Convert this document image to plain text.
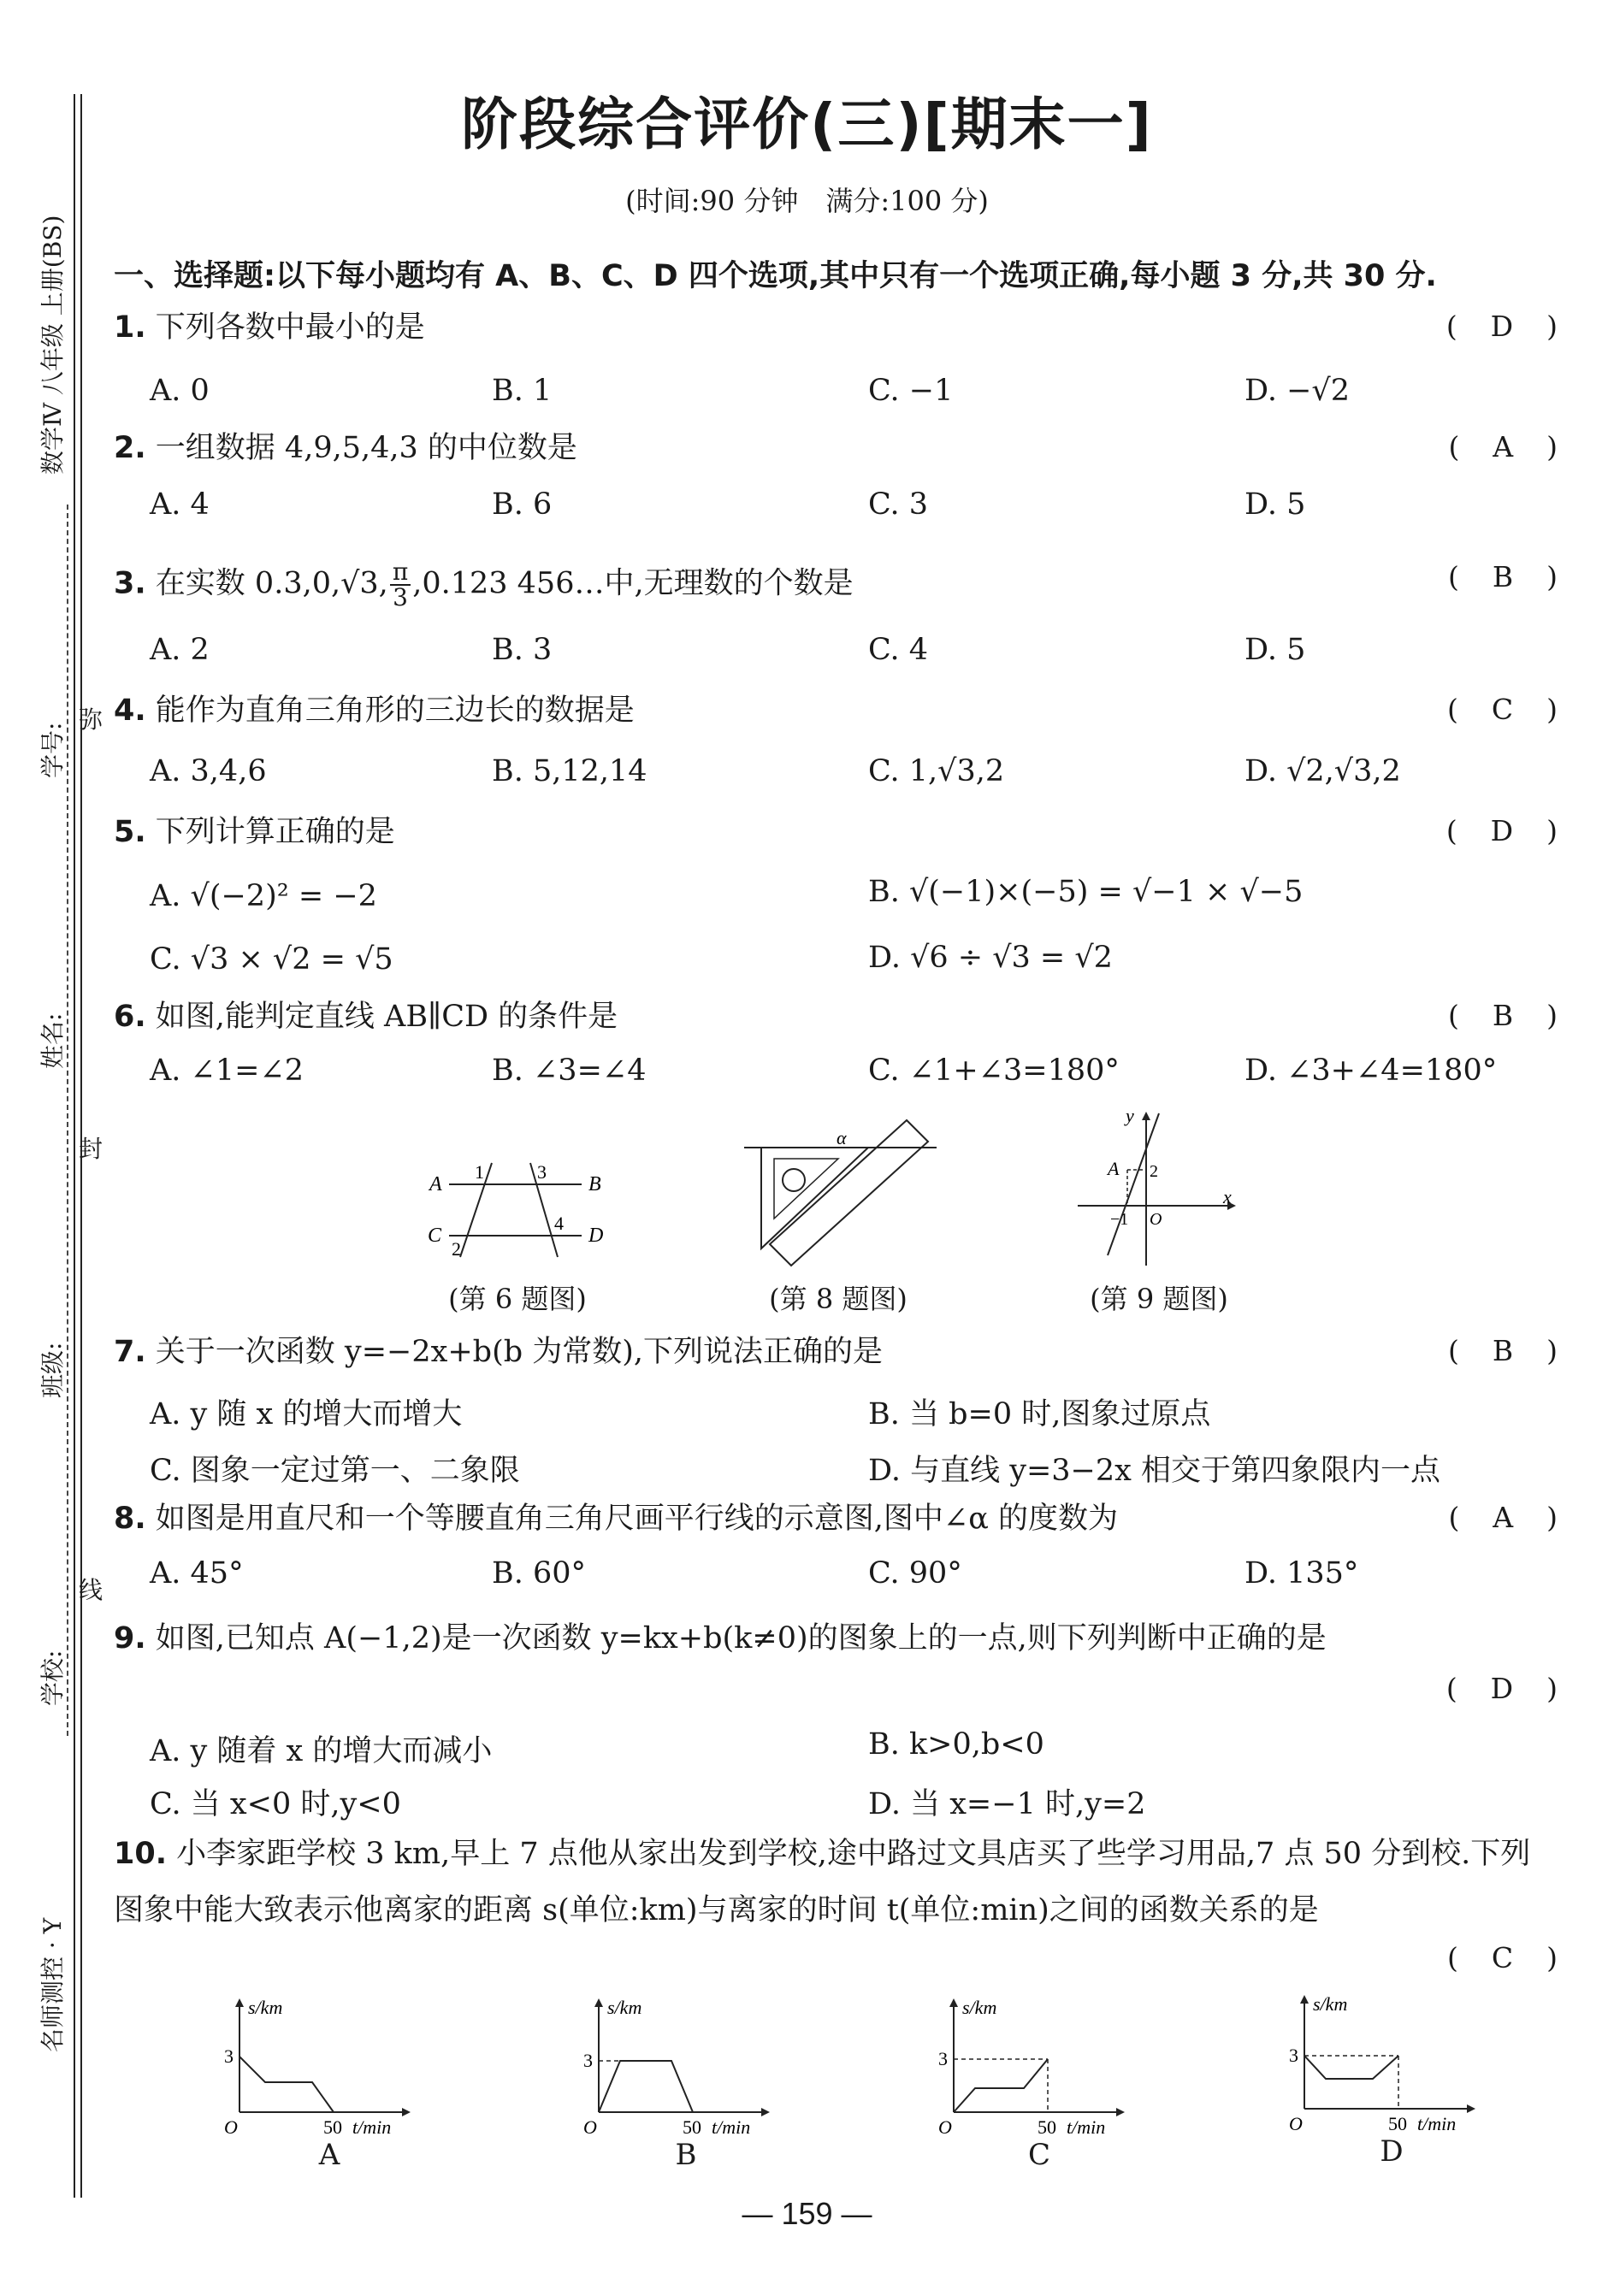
数学Ⅳ 八年级 上册(BS)
学号:
弥
姓名:
封
班级:
线
学校:
名师测控 · Y
阶段综合评价(三)[期末一]
(时间:90 分钟　满分:100 分)
一、选择题:以下每小题均有 A、B、C、D 四个选项,其中只有一个选项正确,每小题 3 分,共 30 分.
1. 下列各数中最小的是	(  D  )
A. 0	B. 1	C. −1	D. −√2
2. 一组数据 4,9,5,4,3 的中位数是	(  A  )
A. 4	B. 6	C. 3	D. 5
3. 在实数 0.3,0,√3, $\frac{\pi}{3} ,0.123$ 456…中,无理数的个数是	(  B  )
A. 2	B. 3	C. 4	D. 5
4. 能作为直角三角形的三边长的数据是	(  C  )
A. 3,4,6	B. 5,12,14	C. 1,√3,2	D. √2,√3,2
5. 下列计算正确的是	(  D  )
A. √(−2)² = −2	B. √(−1)×(−5) = √−1 × √−5
C. √3 × √2 = √5	D. √6 ÷ √3 = √2
6. 如图,能判定直线 AB∥CD 的条件是	(  B  )
A. ∠1=∠2	B. ∠3=∠4	C. ∠1+∠3=180°	D. ∠3+∠4=180°
A	B
C	D
1
2
3
4
(第 6 题图)
α
(第 8 题图)
y
x
A 2
−1 O
(第 9 题图)
7. 关于一次函数 y=−2x+b(b 为常数),下列说法正确的是	(  B  )
A. y 随 x 的增大而增大	B. 当 b=0 时,图象过原点
C. 图象一定过第一、二象限	D. 与直线 y=3−2x 相交于第四象限内一点
8. 如图是用直尺和一个等腰直角三角尺画平行线的示意图,图中∠α 的度数为	(  A  )
A. 45°	B. 60°	C. 90°	D. 135°
9. 如图,已知点 A(−1,2)是一次函数 y=kx+b(k≠0)的图象上的一点,则下列判断中正确的是
(  D  )
A. y 随着 x 的增大而减小	B. k>0,b<0
C. 当 x<0 时,y<0	D. 当 x=−1 时,y=2
10. 小李家距学校 3 km,早上 7 点他从家出发到学校,途中路过文具店买了些学习用品,7 点 50 分到校.下列图象中能大致表示他离家的距离 s(单位:km)与离家的时间 t(单位:min)之间的函数关系的是
(  C  )
s/km
3
O	50 t/min
A
s/km
3
O	50 t/min
B
s/km
3
O	50 t/min
C
s/km
3
O	50 t/min
D
— 159 —
